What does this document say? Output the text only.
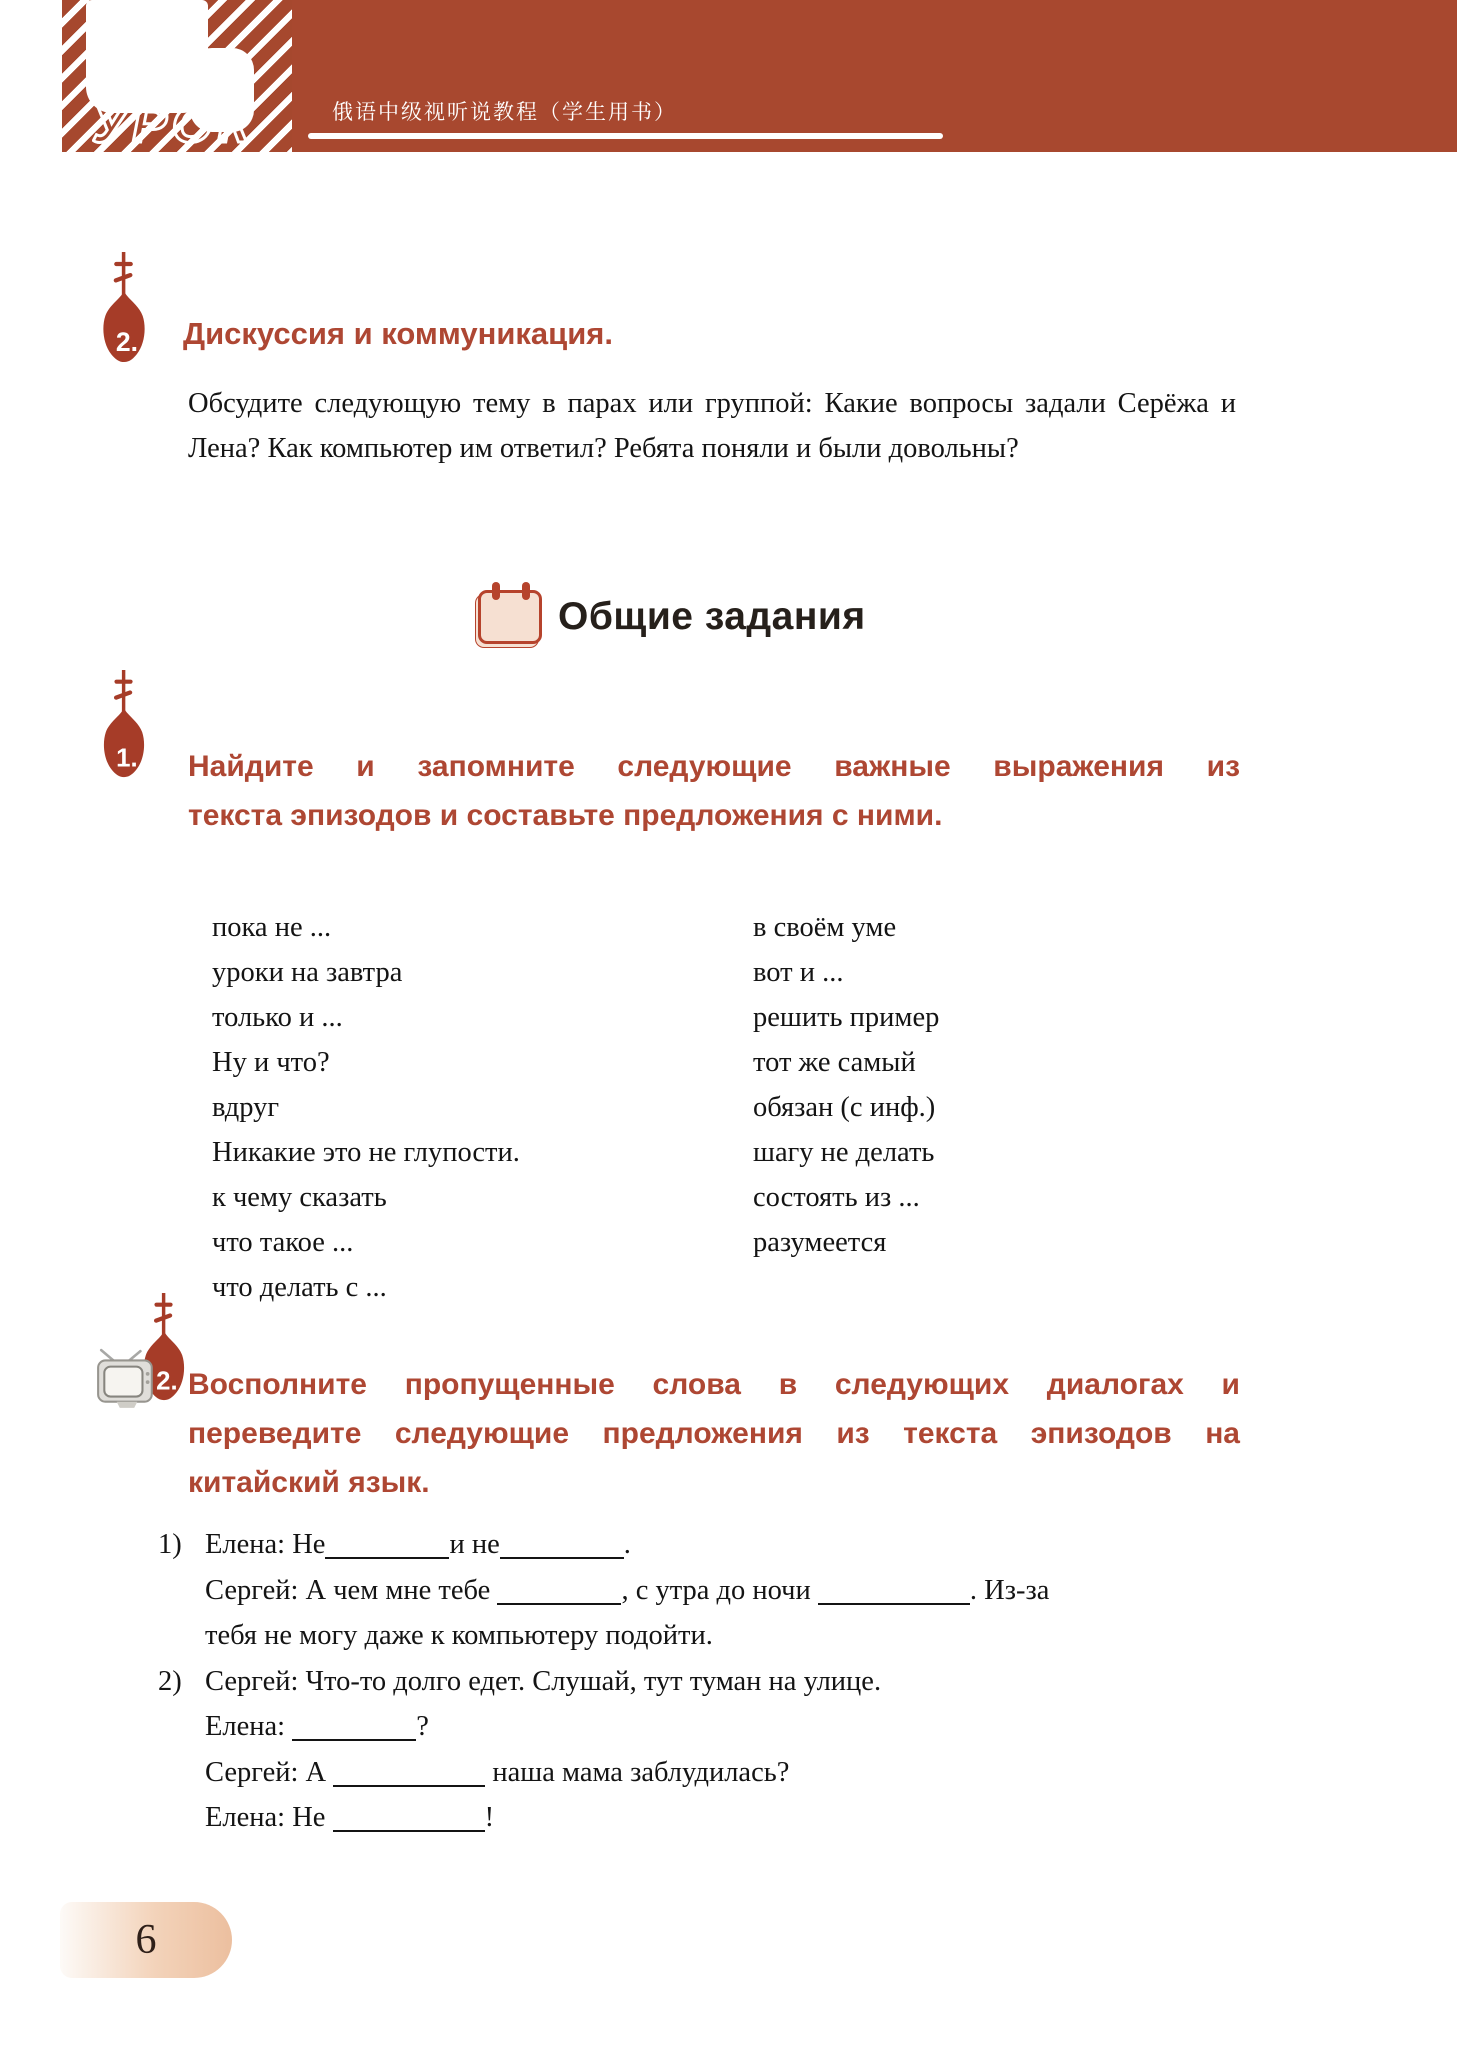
УРОК	俄语中级视听说教程（学生用书）
2. Дискуссия и коммуникация.
Обсудите следующую тему в парах или группой: Какие вопросы задали Серёжа и
Лена? Как компьютер им ответил? Ребята поняли и были довольны?
Общие задания
1. Найдите и запомните следующие важные выражения из
текста эпизодов и составьте предложения с ними.
пока не ...
уроки на завтра
только и ...
Ну и что?
вдруг
Никакие это не глупости.
к чему сказать
что такое ...
что делать с ...
в своём уме
вот и ...
решить пример
тот же самый
обязан (с инф.)
шагу не делать
состоять из ...
разумеется
2. Восполните пропущенные слова в следующих диалогах и
переведите следующие предложения из текста эпизодов на
китайский язык.
1) Елена: Не	и не	.
Сергей: А чем мне тебе	, с утра до ночи	. Из-за
тебя не могу даже к компьютеру подойти.
2) Сергей: Что-то долго едет. Слушай, тут туман на улице.
Елена:	?
Сергей: А	наша мама заблудилась?
Елена: Не	!
6
